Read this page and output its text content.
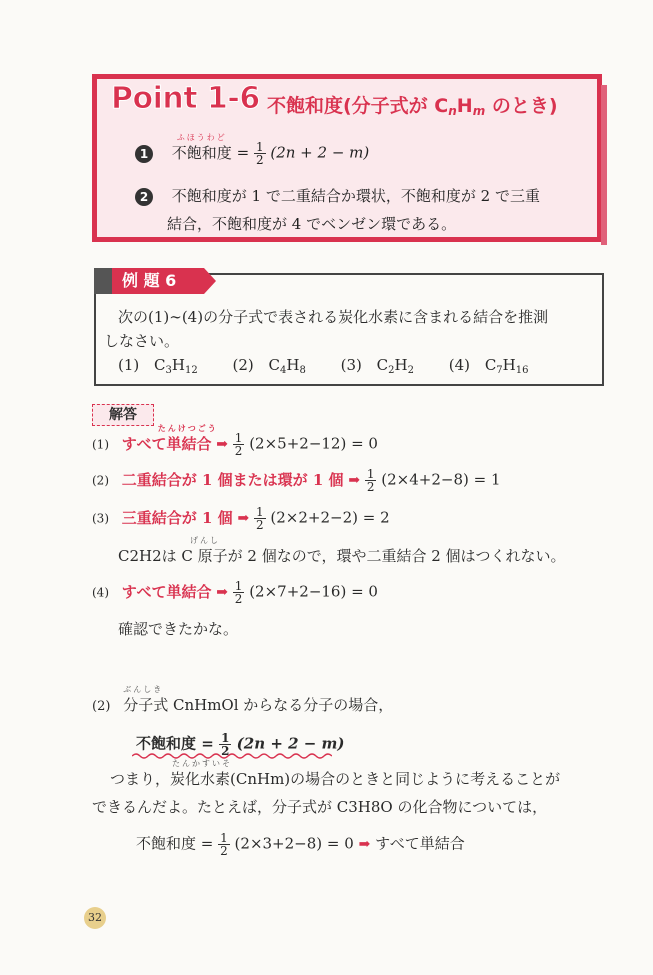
Point 1-6 不飽和度(分子式が $C_nH_m$ のとき)
1
ふほうわど
不飽和度 = $\frac{1}{2} (2n + 2 - m)$
2 不飽和度が 1 で二重結合か環状，不飽和度が 2 で三重
結合，不飽和度が 4 でベンゼン環である。
例 題 6
次の(1)∼(4)の分子式で表される炭化水素に含まれる結合を推測
しなさい。
(1) $C_3H_{12}$ (2) $C_4H_8$ (3) $C_2H_2$ (4) $C_7H_{16}$
解答
(1)
たんけつごう
すべて単結合 ➡ $\frac{1}{2} (2\times 5+2-12) = 0$
(2) 二重結合が 1 個または環が 1 個 ➡ $\frac{1}{2} (2\times 4+2-8) = 1$
(3) 三重結合が 1 個 ➡ $\frac{1}{2} (2\times 2+2-2) = 2$
げんし
C2H2は C 原子が 2 個なので，環や二重結合 2 個はつくれない。
(4) すべて単結合 ➡ $\frac{1}{2} (2\times 7+2-16) = 0$
確認できたかな。
(2)
ぶんしき
分子式 CnHmOl からなる分子の場合，
不飽和度 = $\frac{1}{2} (2n + 2 - m)$
たんかすいそ
つまり，炭化水素(CnHm)の場合のときと同じように考えることが
できるんだよ。たとえば，分子式が C3H8O の化合物については，
不飽和度 = $\frac{1}{2} (2\times 3+2-8) = 0$ ➡ すべて単結合
32
